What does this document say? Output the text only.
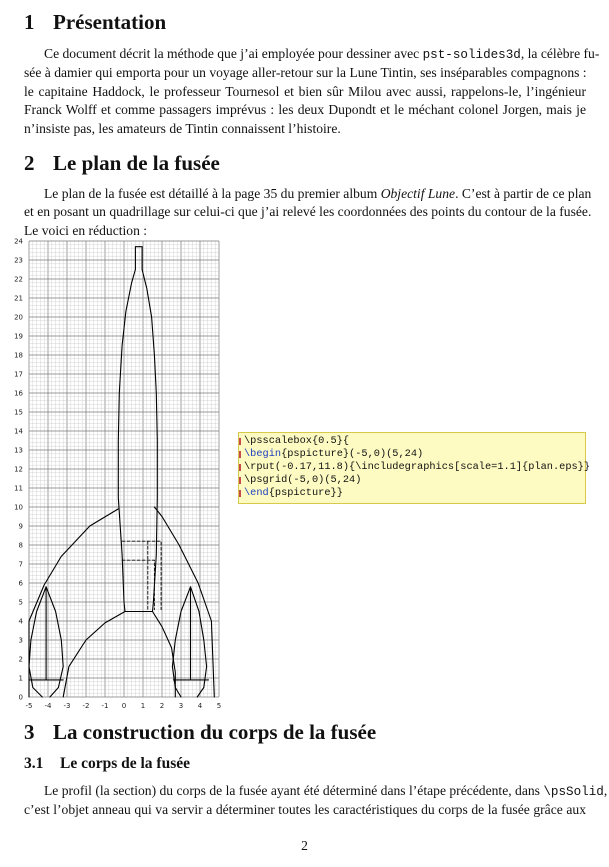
1 Présentation
Ce document décrit la méthode que j’ai employée pour dessiner avec pst-solides3d, la célèbre fu-
sée à damier qui emporta pour un voyage aller-retour sur la Lune Tintin, ses inséparables compagnons :
le capitaine Haddock, le professeur Tournesol et bien sûr Milou avec aussi, rappelons-le, l’ingénieur
Franck Wolff et comme passagers imprévus : les deux Dupondt et le méchant colonel Jorgen, mais je
n’insiste pas, les amateurs de Tintin connaissent l’histoire.
2 Le plan de la fusée
Le plan de la fusée est détaillé à la page 35 du premier album Objectif Lune. C’est à partir de ce plan
et en posant un quadrillage sur celui-ci que j’ai relevé les coordonnées des points du contour de la fusée.
Le voici en réduction :
-5 -4 -3 -2 -1 0 1 2 3 4 5
0
1
2
3
4
5
6
7
8
9
10
11
12
13
14
15
16
17
18
19
20
21
22
23
24
\psscalebox{0.5}{
\begin{pspicture}(-5,0)(5,24)
\rput(-0.17,11.8){\includegraphics[scale=1.1]{plan.eps}}
\psgrid(-5,0)(5,24)
\end{pspicture}}
3 La construction du corps de la fusée
3.1 Le corps de la fusée
Le profil (la section) du corps de la fusée ayant été déterminé dans l’étape précédente, dans \psSolid,
c’est l’objet anneau qui va servir a déterminer toutes les caractéristiques du corps de la fusée grâce aux
2
